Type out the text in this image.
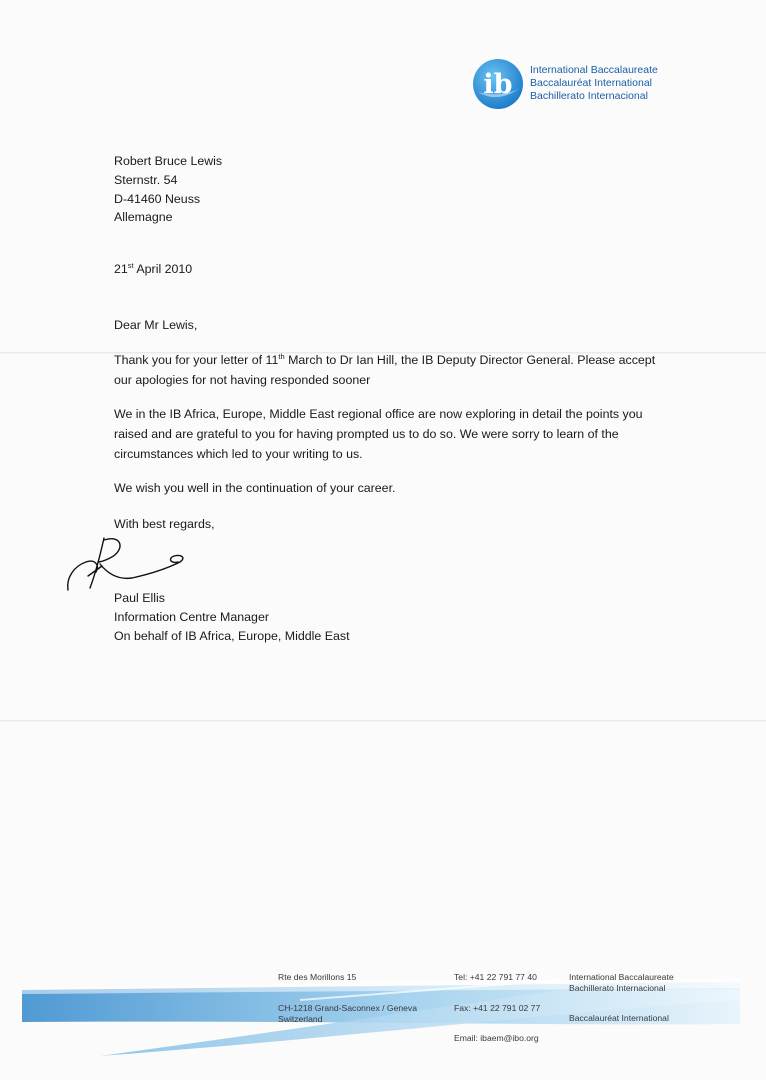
ib International Baccalaureate
Baccalauréat International
Bachillerato Internacional
Robert Bruce Lewis
Sternstr. 54
D-41460 Neuss
Allemagne
21st April 2010
Dear Mr Lewis,
Thank you for your letter of 11th March to Dr Ian Hill, the IB Deputy Director General. Please accept our apologies for not having responded sooner
We in the IB Africa, Europe, Middle East regional office are now exploring in detail the points you raised and are grateful to you for having prompted us to do so. We were sorry to learn of the circumstances which led to your writing to us.
We wish you well in the continuation of your career.
With best regards,
Paul Ellis
Information Centre Manager
On behalf of IB Africa, Europe, Middle East
Rte des Morillons 15
CH-1218 Grand-Saconnex / Geneva
Switzerland
Tel: +41 22 791 77 40
Fax: +41 22 791 02 77
Email: ibaem@ibo.org
International Baccalaureate
Bachillerato Internacional
Baccalauréat International
